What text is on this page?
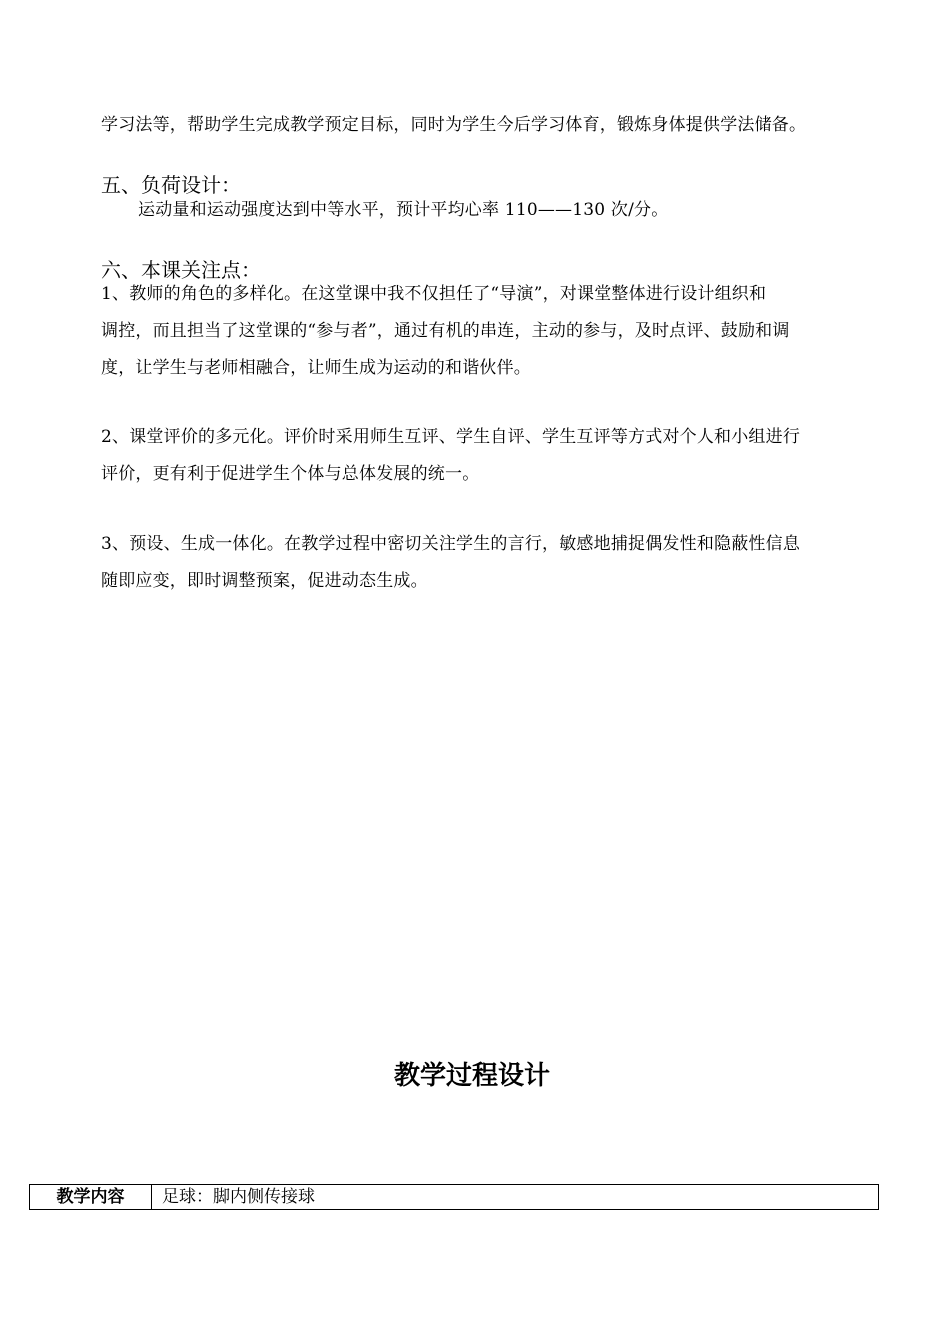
学习法等，帮助学生完成教学预定目标，同时为学生今后学习体育，锻炼身体提供学法储备。
五、负荷设计：
运动量和运动强度达到中等水平，预计平均心率 110——130 次/分。
六、本课关注点：
1、教师的角色的多样化。在这堂课中我不仅担任了“导演”，对课堂整体进行设计组织和
调控，而且担当了这堂课的“参与者”，通过有机的串连，主动的参与，及时点评、鼓励和调
度，让学生与老师相融合，让师生成为运动的和谐伙伴。
2、课堂评价的多元化。评价时采用师生互评、学生自评、学生互评等方式对个人和小组进行
评价，更有利于促进学生个体与总体发展的统一。
3、预设、生成一体化。在教学过程中密切关注学生的言行，敏感地捕捉偶发性和隐蔽性信息
随即应变，即时调整预案，促进动态生成。
教学过程设计
教学内容	足球：脚内侧传接球
